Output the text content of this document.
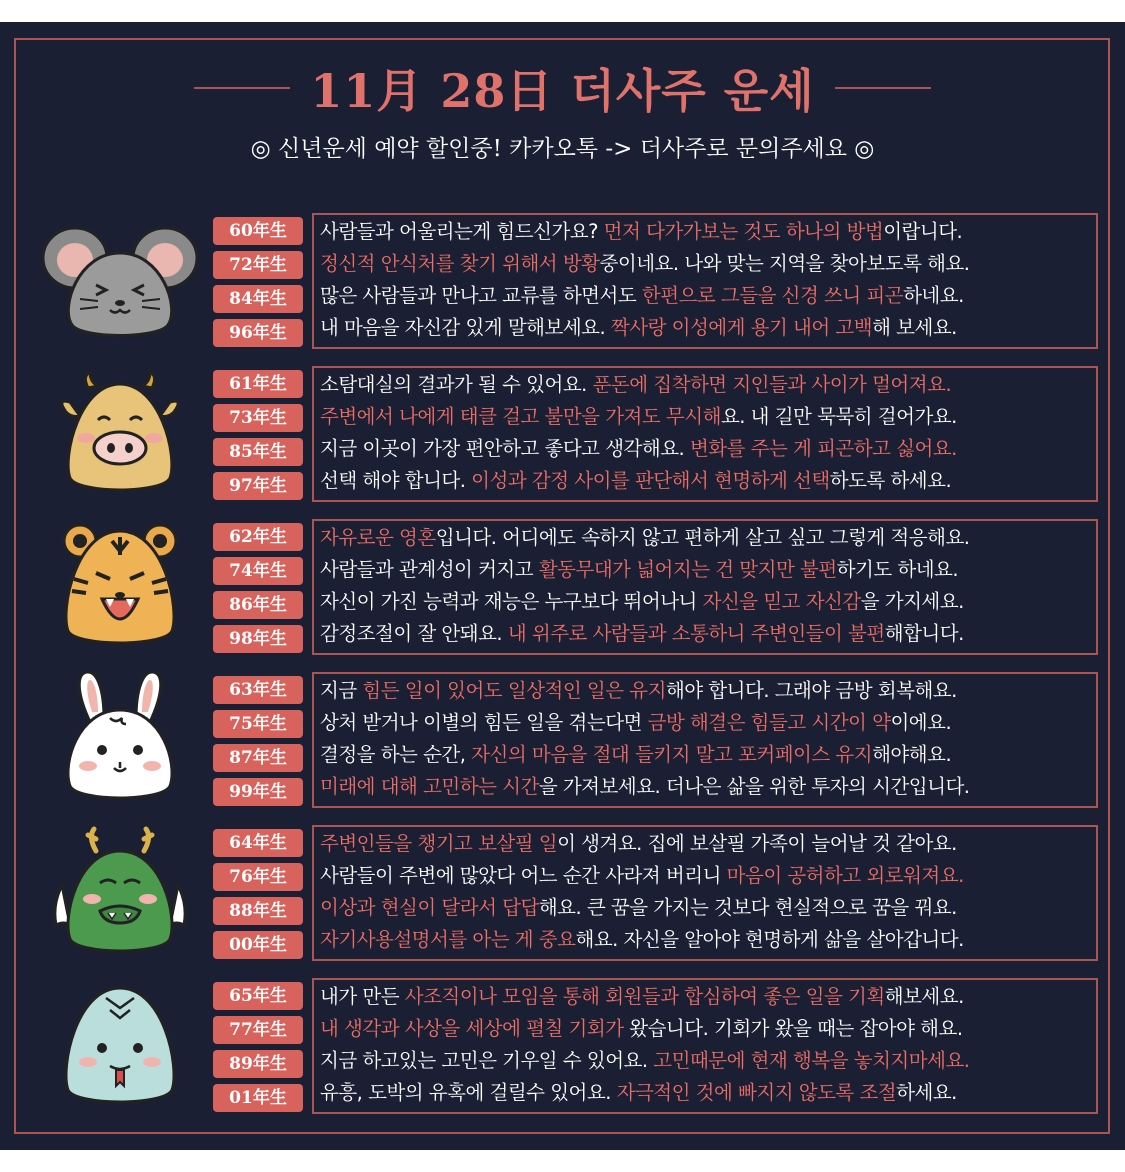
11月 28日 더사주 운세
◎ 신년운세 예약 할인중! 카카오톡 -> 더사주로 문의주세요 ◎
60年生
72年生
84年生
96年生
사람들과 어울리는게 힘드신가요? 먼저 다가가보는 것도 하나의 방법이랍니다.
정신적 안식처를 찾기 위해서 방황중이네요. 나와 맞는 지역을 찾아보도록 해요.
많은 사람들과 만나고 교류를 하면서도 한편으로 그들을 신경 쓰니 피곤하네요.
내 마음을 자신감 있게 말해보세요. 짝사랑 이성에게 용기 내어 고백해 보세요.
61年生
73年生
85年生
97年生
소탐대실의 결과가 될 수 있어요. 푼돈에 집착하면 지인들과 사이가 멀어져요.
주변에서 나에게 태클 걸고 불만을 가져도 무시해요. 내 길만 묵묵히 걸어가요.
지금 이곳이 가장 편안하고 좋다고 생각해요. 변화를 주는 게 피곤하고 싫어요.
선택 해야 합니다. 이성과 감정 사이를 판단해서 현명하게 선택하도록 하세요.
62年生
74年生
86年生
98年生
자유로운 영혼입니다. 어디에도 속하지 않고 편하게 살고 싶고 그렇게 적응해요.
사람들과 관계성이 커지고 활동무대가 넓어지는 건 맞지만 불편하기도 하네요.
자신이 가진 능력과 재능은 누구보다 뛰어나니 자신을 믿고 자신감을 가지세요.
감정조절이 잘 안돼요. 내 위주로 사람들과 소통하니 주변인들이 불편해합니다.
63年生
75年生
87年生
99年生
지금 힘든 일이 있어도 일상적인 일은 유지해야 합니다. 그래야 금방 회복해요.
상처 받거나 이별의 힘든 일을 겪는다면 금방 해결은 힘들고 시간이 약이에요.
결정을 하는 순간, 자신의 마음을 절대 들키지 말고 포커페이스 유지해야해요.
미래에 대해 고민하는 시간을 가져보세요. 더나은 삶을 위한 투자의 시간입니다.
64年生
76年生
88年生
00年生
주변인들을 챙기고 보살필 일이 생겨요. 집에 보살필 가족이 늘어날 것 같아요.
사람들이 주변에 많았다 어느 순간 사라져 버리니 마음이 공허하고 외로워져요.
이상과 현실이 달라서 답답해요. 큰 꿈을 가지는 것보다 현실적으로 꿈을 꿔요.
자기사용설명서를 아는 게 중요해요. 자신을 알아야 현명하게 삶을 살아갑니다.
65年生
77年生
89年生
01年生
내가 만든 사조직이나 모임을 통해 회원들과 합심하여 좋은 일을 기획해보세요.
내 생각과 사상을 세상에 펼칠 기회가 왔습니다. 기회가 왔을 때는 잡아야 해요.
지금 하고있는 고민은 기우일 수 있어요. 고민때문에 현재 행복을 놓치지마세요.
유흥, 도박의 유혹에 걸릴수 있어요. 자극적인 것에 빠지지 않도록 조절하세요.
